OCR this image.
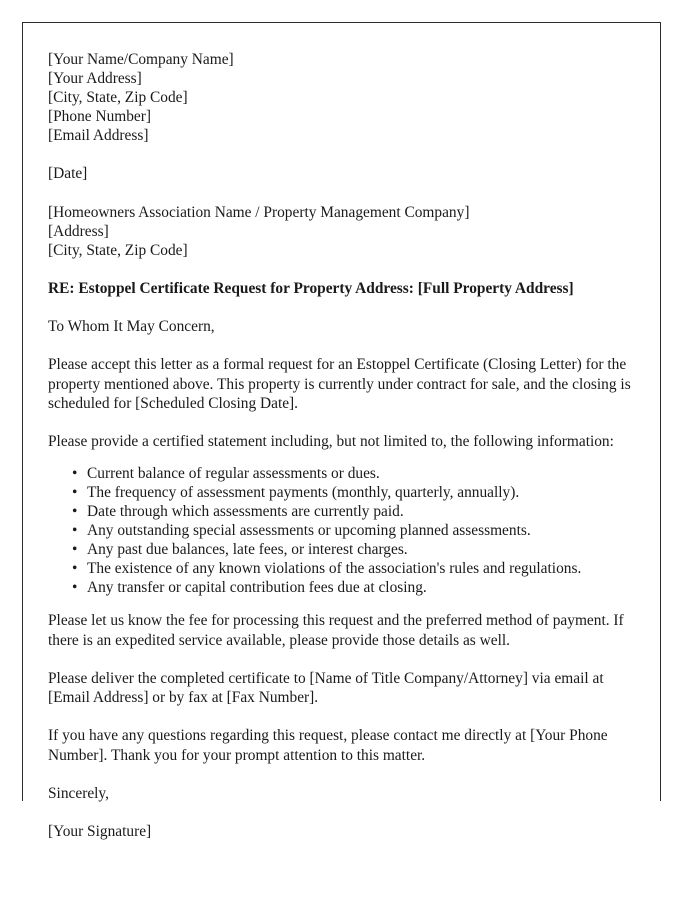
[Your Name/Company Name]
[Your Address]
[City, State, Zip Code]
[Phone Number]
[Email Address]
[Date]
[Homeowners Association Name / Property Management Company]
[Address]
[City, State, Zip Code]

RE: Estoppel Certificate Request for Property Address: [Full Property Address]

To Whom It May Concern,

Please accept this letter as a formal request for an Estoppel Certificate (Closing Letter) for the property mentioned above. This property is currently under contract for sale, and the closing is scheduled for [Scheduled Closing Date].

Please provide a certified statement including, but not limited to, the following information:

• Current balance of regular assessments or dues.
• The frequency of assessment payments (monthly, quarterly, annually).
• Date through which assessments are currently paid.
• Any outstanding special assessments or upcoming planned assessments.
• Any past due balances, late fees, or interest charges.
• The existence of any known violations of the association's rules and regulations.
• Any transfer or capital contribution fees due at closing.

Please let us know the fee for processing this request and the preferred method of payment. If there is an expedited service available, please provide those details as well.

Please deliver the completed certificate to [Name of Title Company/Attorney] via email at [Email Address] or by fax at [Fax Number].

If you have any questions regarding this request, please contact me directly at [Your Phone Number]. Thank you for your prompt attention to this matter.

Sincerely,

[Your Signature]
